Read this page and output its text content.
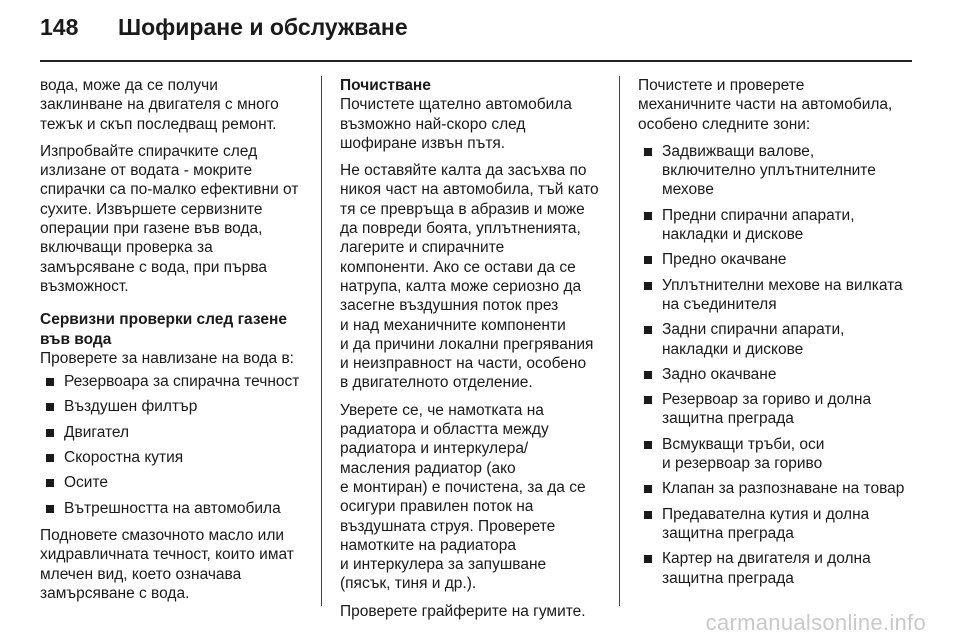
148 Шофиране и обслужване

вода, може да се получи
заклинване на двигателя с много
тежък и скъп последващ ремонт.

Изпробвайте спирачките след
излизане от водата - мокрите
спирачки са по-малко ефективни от
сухите. Извършете сервизните
операции при газене във вода,
включващи проверка за
замърсяване с вода, при първа
възможност.

Сервизни проверки след газене
във вода

Проверете за навлизане на вода в:

Резервоара за спирачна течност
Въздушен филтър
Двигател
Скоростна кутия
Осите
Вътрешността на автомобила

Подновете смазочното масло или
хидравличната течност, които имат
млечен вид, което означава
замърсяване с вода.

Почистване

Почистете щателно автомобила
възможно най-скоро след
шофиране извън пътя.

Не оставяйте калта да засъхва по
никоя част на автомобила, тъй като
тя се превръща в абразив и може
да повреди боята, уплътненията,
лагерите и спирачните
компоненти. Ако се остави да се
натрупа, калта може сериозно да
засегне въздушния поток през
и над механичните компоненти
и да причини локални прегрявания
и неизправност на части, особено
в двигателното отделение.

Уверете се, че намотката на
радиатора и областта между
радиатора и интеркулера/
масления радиатор (ако
е монтиран) е почистена, за да се
осигури правилен поток на
въздушната струя. Проверете
намотките на радиатора
и интеркулера за запушване
(пясък, тиня и др.).

Проверете грайферите на гумите.

Почистете и проверете
механичните части на автомобила,
особено следните зони:

Задвижващи валове,
включително уплътнителните
мехове
Предни спирачни апарати,
накладки и дискове
Предно окачване
Уплътнителни мехове на вилката
на съединителя
Задни спирачни апарати,
накладки и дискове
Задно окачване
Резервоар за гориво и долна
защитна преграда
Всмукващи тръби, оси
и резервоар за гориво
Клапан за разпознаване на товар
Предавателна кутия и долна
защитна преграда
Картер на двигателя и долна
защитна преграда
carmanualsonline.info
